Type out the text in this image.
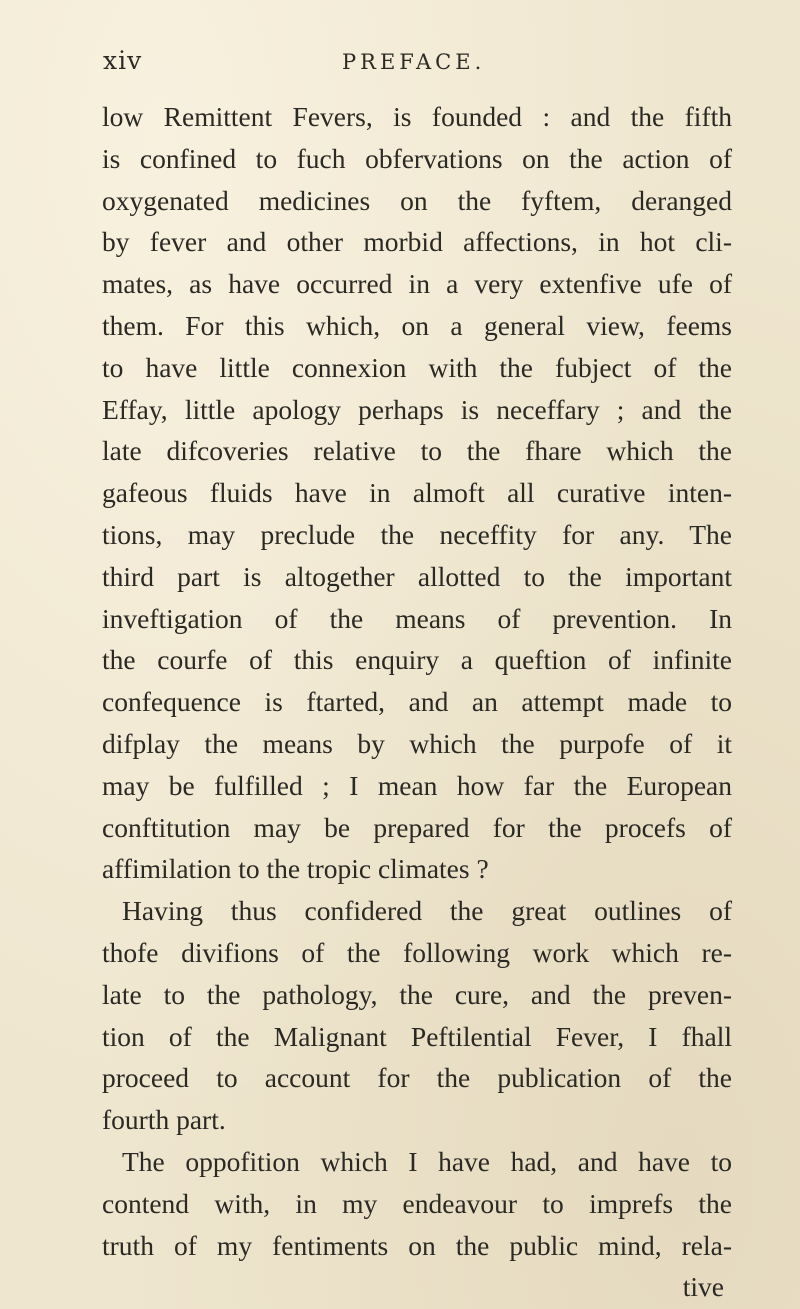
xiv	PREFACE.
low Remittent Fevers, is founded : and the fifth
is confined to fuch obfervations on the action of
oxygenated medicines on the fyftem, deranged
by fever and other morbid affections, in hot cli-
mates, as have occurred in a very extenfive ufe of
them. For this which, on a general view, feems
to have little connexion with the fubject of the
Effay, little apology perhaps is neceffary ; and the
late difcoveries relative to the fhare which the
gafeous fluids have in almoft all curative inten-
tions, may preclude the neceffity for any. The
third part is altogether allotted to the important
inveftigation of the means of prevention. In
the courfe of this enquiry a queftion of infinite
confequence is ftarted, and an attempt made to
difplay the means by which the purpofe of it
may be fulfilled ; I mean how far the European
conftitution may be prepared for the procefs of
affimilation to the tropic climates ?
Having thus confidered the great outlines of
thofe divifions of the following work which re-
late to the pathology, the cure, and the preven-
tion of the Malignant Peftilential Fever, I fhall
proceed to account for the publication of the
fourth part.
The oppofition which I have had, and have to
contend with, in my endeavour to imprefs the
truth of my fentiments on the public mind, rela-
tive
